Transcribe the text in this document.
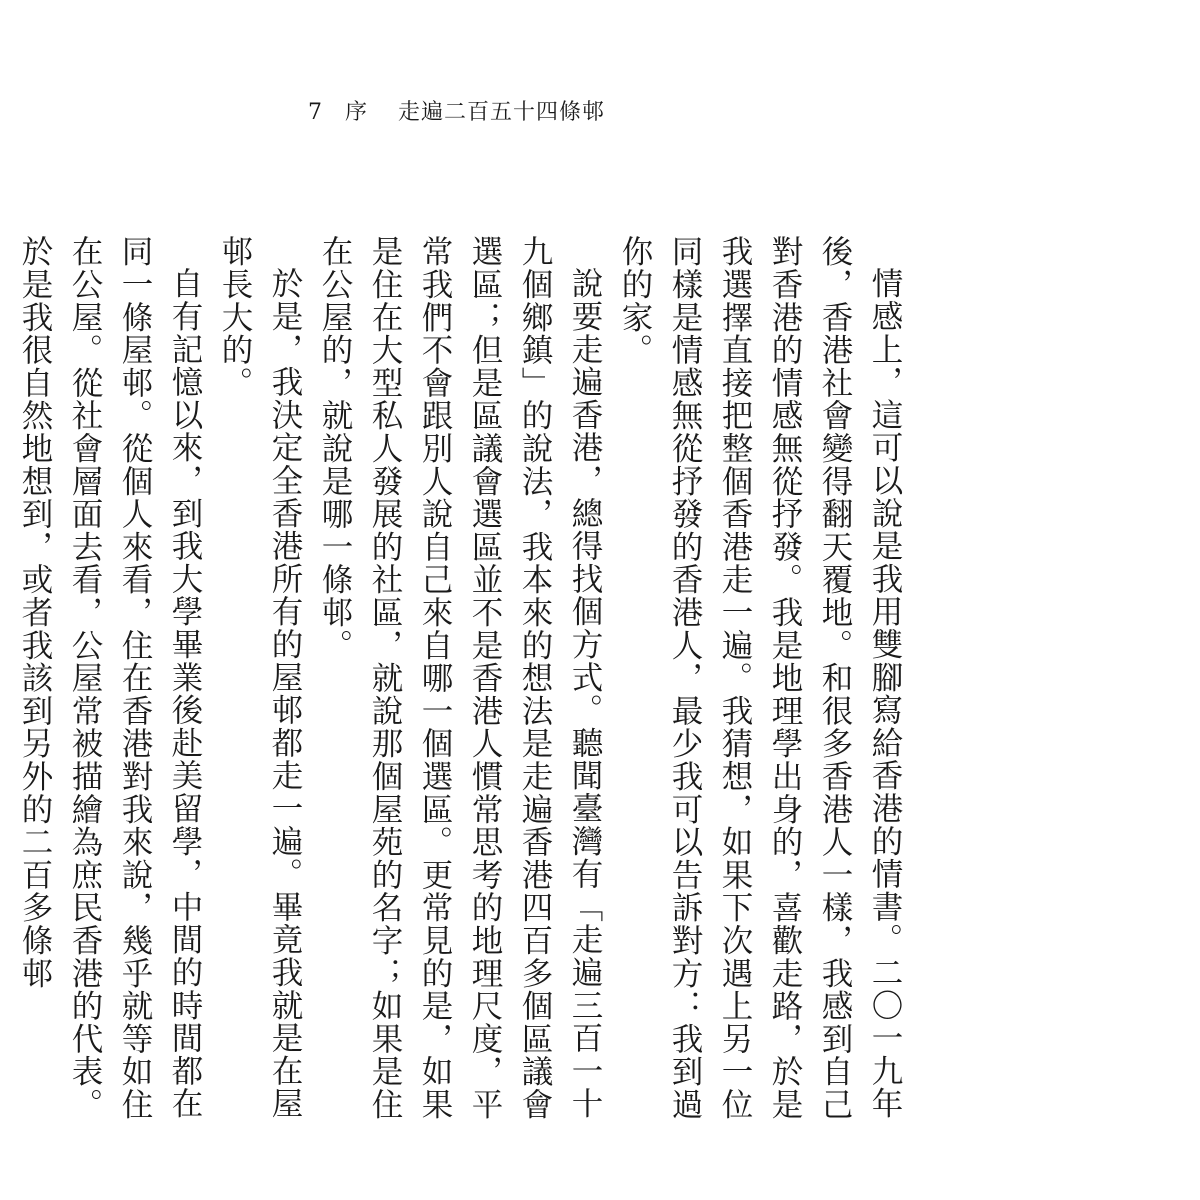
7 序 走遍二百五十四條邨

情感上，這可以說是我用雙腳寫給香港的情書。二〇一九年後，香港社會變得翻天覆地。和很多香港人一樣，我感到自己對香港的情感無從抒發。我是地理學出身的，喜歡走路，於是我選擇直接把整個香港走一遍。我猜想，如果下次遇上另一位同樣是情感無從抒發的香港人，最少我可以告訴對方：我到過你的家。

說要走遍香港，總得找個方式。聽聞臺灣有「走遍三百一十九個鄉鎮」的說法，我本來的想法是走遍香港四百多個區議會選區；但是區議會選區並不是香港人慣常思考的地理尺度，平常我們不會跟別人說自己來自哪一個選區。更常見的是，如果是住在大型私人發展的社區，就說那個屋苑的名字；如果是住在公屋的，就說是哪一條邨。

於是，我決定全香港所有的屋邨都走一遍。畢竟我就是在屋邨長大的。

自有記憶以來，到我大學畢業後赴美留學，中間的時間都在同一條屋邨。從個人來看，住在香港對我來說，幾乎就等如住在公屋。從社會層面去看，公屋常被描繪為庶民香港的代表。於是我很自然地想到，或者我該到另外的二百多條邨
